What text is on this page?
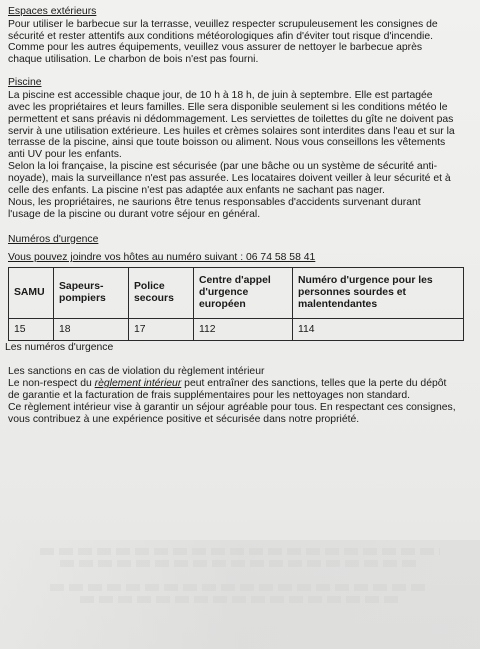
Espaces extérieurs

Pour utiliser le barbecue sur la terrasse, veuillez respecter scrupuleusement les consignes de

sécurité et rester attentifs aux conditions météorologiques afin d'éviter tout risque d'incendie.

Comme pour les autres équipements, veuillez vous assurer de nettoyer le barbecue après

chaque utilisation. Le charbon de bois n'est pas fourni.

Piscine

La piscine est accessible chaque jour, de 10 h à 18 h, de juin à septembre. Elle est partagée

avec les propriétaires et leurs familles. Elle sera disponible seulement si les conditions météo le

permettent et sans préavis ni dédommagement. Les serviettes de toilettes du gîte ne doivent pas

servir à une utilisation extérieure. Les huiles et crèmes solaires sont interdites dans l'eau et sur la

terrasse de la piscine, ainsi que toute boisson ou aliment. Nous vous conseillons les vêtements

anti UV pour les enfants.

Selon la loi française, la piscine est sécurisée (par une bâche ou un système de sécurité anti-

noyade), mais la surveillance n'est pas assurée. Les locataires doivent veiller à leur sécurité et à

celle des enfants. La piscine n'est pas adaptée aux enfants ne sachant pas nager.

Nous, les propriétaires, ne saurions être tenus responsables d'accidents survenant durant

l'usage de la piscine ou durant votre séjour en général.

Numéros d'urgence

Vous pouvez joindre vos hôtes au numéro suivant : 06 74 58 58 41

SAMU	Sapeurs-pompiers	Police secours	Centre d'appel d'urgence européen	Numéro d'urgence pour les personnes sourdes et malentendantes
15	18	17	112	114

Les numéros d'urgence

Les sanctions en cas de violation du règlement intérieur

Le non-respect du règlement intérieur peut entraîner des sanctions, telles que la perte du dépôt

de garantie et la facturation de frais supplémentaires pour les nettoyages non standard.

Ce règlement intérieur vise à garantir un séjour agréable pour tous. En respectant ces consignes,

vous contribuez à une expérience positive et sécurisée dans notre propriété.
